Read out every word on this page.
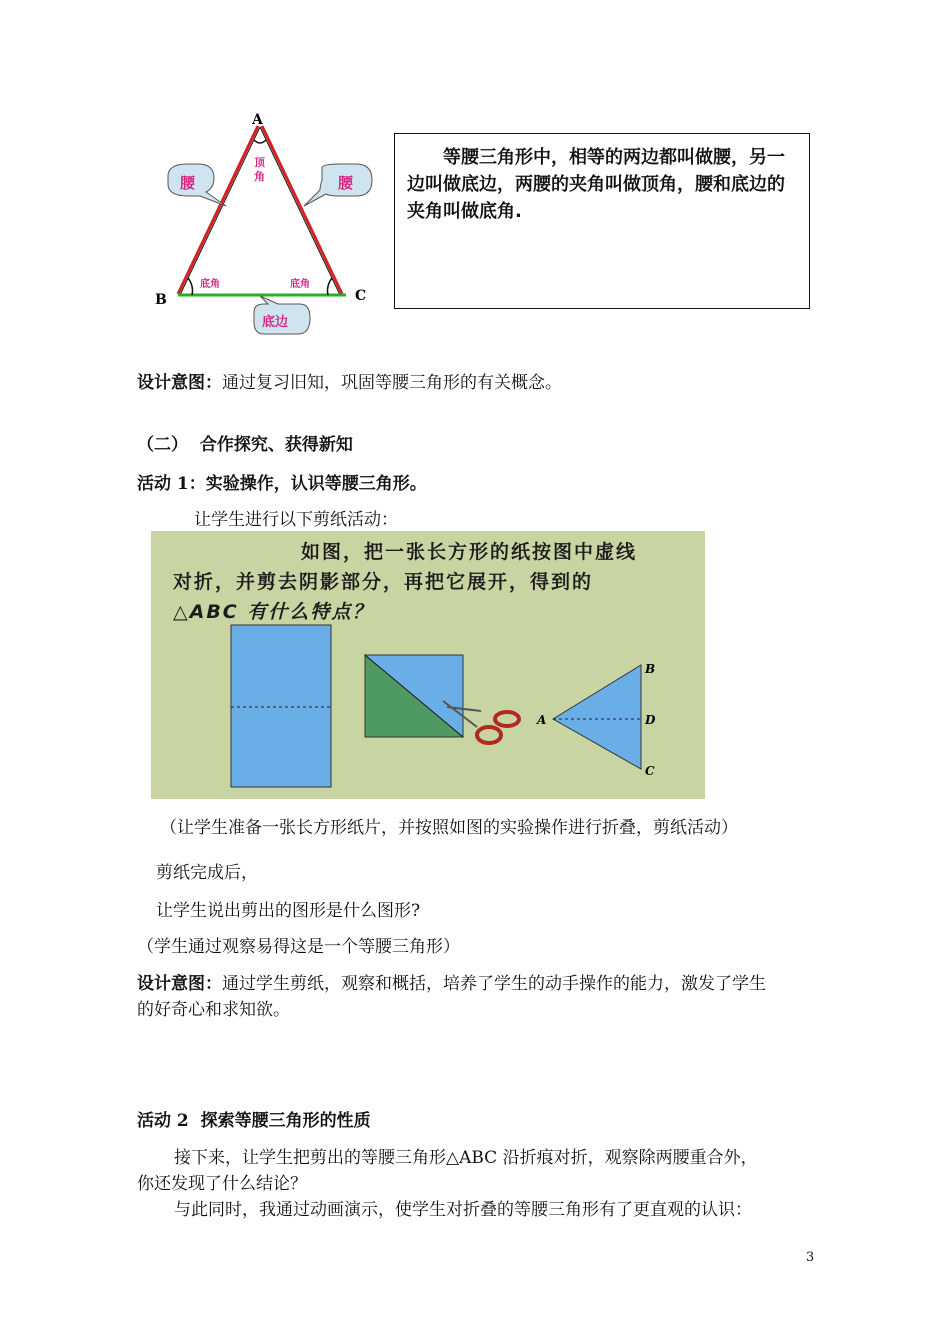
A
B	C
顶
角
底角	底角
腰	腰
底边
等腰三角形中，相等的两边都叫做腰，另一边叫做底边，两腰的夹角叫做顶角，腰和底边的夹角叫做底角.
设计意图：通过复习旧知，巩固等腰三角形的有关概念。
（二）  合作探究、获得新知
活动 1：实验操作，认识等腰三角形。
让学生进行以下剪纸活动：
如图，把一张长方形的纸按图中虚线
对折，并剪去阴影部分，再把它展开，得到的
△ABC 有什么特点？
A
B
D
C
（让学生准备一张长方形纸片，并按照如图的实验操作进行折叠，剪纸活动）
剪纸完成后，
让学生说出剪出的图形是什么图形?
（学生通过观察易得这是一个等腰三角形）
设计意图：通过学生剪纸，观察和概括，培养了学生的动手操作的能力，激发了学生
的好奇心和求知欲。
活动 2  探索等腰三角形的性质
接下来，让学生把剪出的等腰三角形△ABC 沿折痕对折，观察除两腰重合外，
你还发现了什么结论？
与此同时，我通过动画演示，使学生对折叠的等腰三角形有了更直观的认识：
3
